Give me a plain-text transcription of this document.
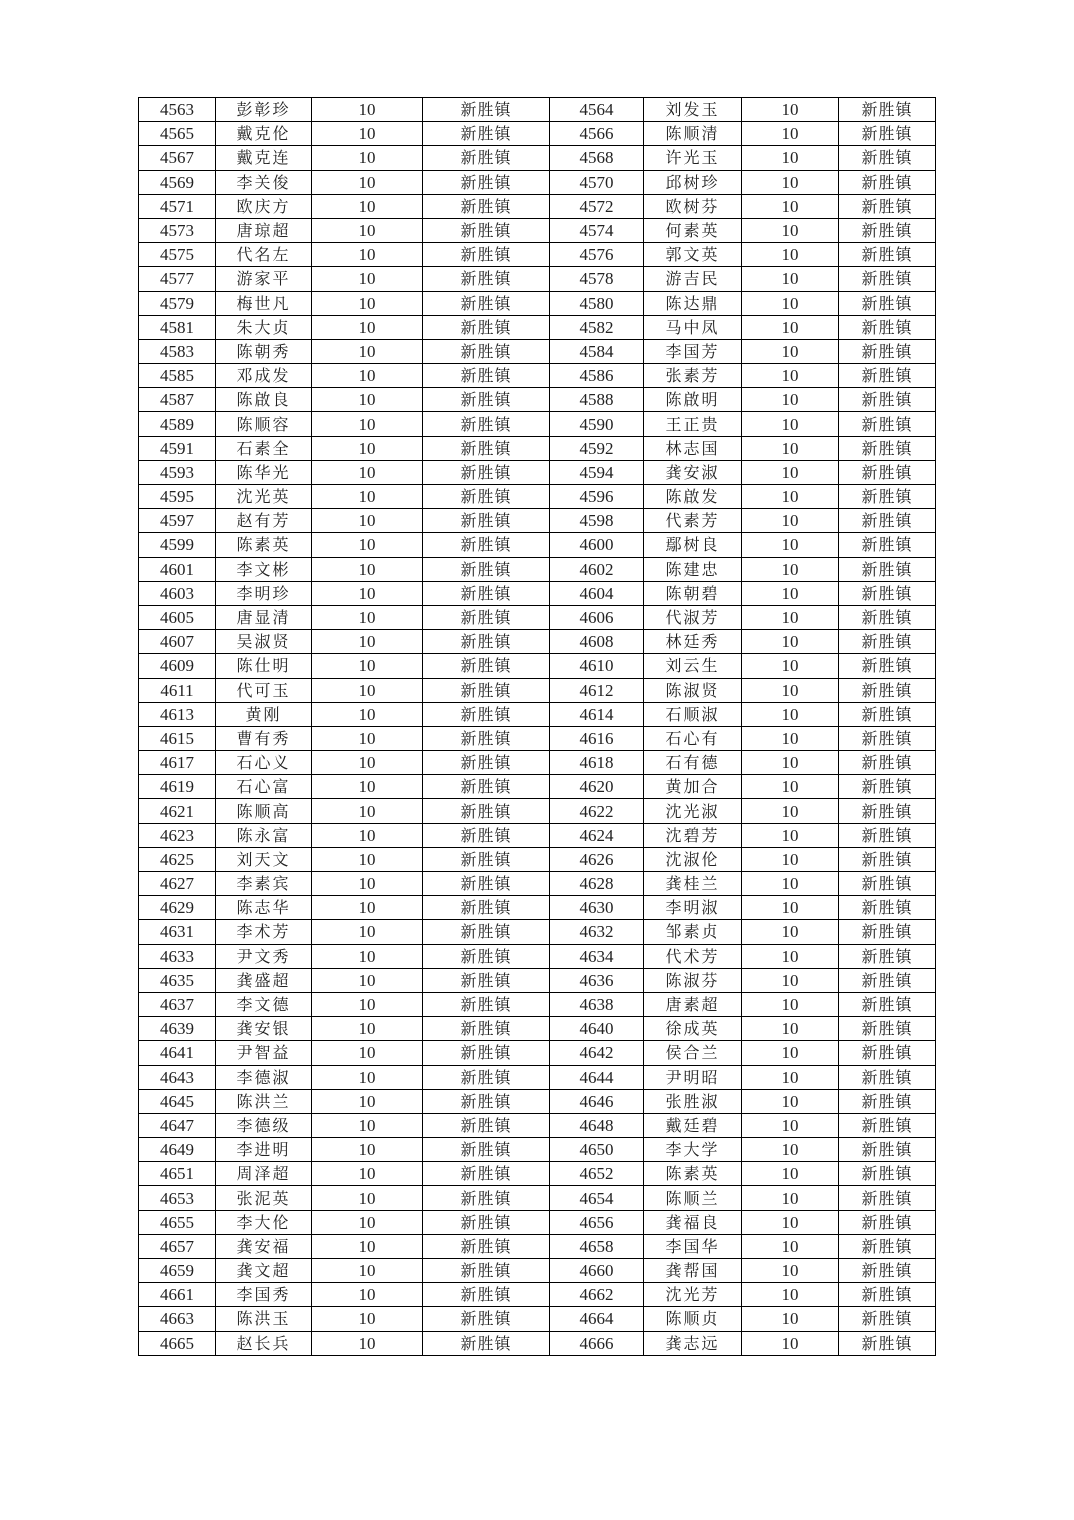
4563	彭彰珍	10	新胜镇	4564	刘发玉	10	新胜镇
4565	戴克伦	10	新胜镇	4566	陈顺清	10	新胜镇
4567	戴克连	10	新胜镇	4568	许光玉	10	新胜镇
4569	李关俊	10	新胜镇	4570	邱树珍	10	新胜镇
4571	欧庆方	10	新胜镇	4572	欧树芬	10	新胜镇
4573	唐琼超	10	新胜镇	4574	何素英	10	新胜镇
4575	代名左	10	新胜镇	4576	郭文英	10	新胜镇
4577	游家平	10	新胜镇	4578	游吉民	10	新胜镇
4579	梅世凡	10	新胜镇	4580	陈达鼎	10	新胜镇
4581	朱大贞	10	新胜镇	4582	马中凤	10	新胜镇
4583	陈朝秀	10	新胜镇	4584	李国芳	10	新胜镇
4585	邓成发	10	新胜镇	4586	张素芳	10	新胜镇
4587	陈啟良	10	新胜镇	4588	陈啟明	10	新胜镇
4589	陈顺容	10	新胜镇	4590	王正贵	10	新胜镇
4591	石素全	10	新胜镇	4592	林志国	10	新胜镇
4593	陈华光	10	新胜镇	4594	龚安淑	10	新胜镇
4595	沈光英	10	新胜镇	4596	陈啟发	10	新胜镇
4597	赵有芳	10	新胜镇	4598	代素芳	10	新胜镇
4599	陈素英	10	新胜镇	4600	鄢树良	10	新胜镇
4601	李文彬	10	新胜镇	4602	陈建忠	10	新胜镇
4603	李明珍	10	新胜镇	4604	陈朝碧	10	新胜镇
4605	唐显清	10	新胜镇	4606	代淑芳	10	新胜镇
4607	吴淑贤	10	新胜镇	4608	林廷秀	10	新胜镇
4609	陈仕明	10	新胜镇	4610	刘云生	10	新胜镇
4611	代可玉	10	新胜镇	4612	陈淑贤	10	新胜镇
4613	黄刚	10	新胜镇	4614	石顺淑	10	新胜镇
4615	曹有秀	10	新胜镇	4616	石心有	10	新胜镇
4617	石心义	10	新胜镇	4618	石有德	10	新胜镇
4619	石心富	10	新胜镇	4620	黄加合	10	新胜镇
4621	陈顺高	10	新胜镇	4622	沈光淑	10	新胜镇
4623	陈永富	10	新胜镇	4624	沈碧芳	10	新胜镇
4625	刘天文	10	新胜镇	4626	沈淑伦	10	新胜镇
4627	李素宾	10	新胜镇	4628	龚桂兰	10	新胜镇
4629	陈志华	10	新胜镇	4630	李明淑	10	新胜镇
4631	李术芳	10	新胜镇	4632	邹素贞	10	新胜镇
4633	尹文秀	10	新胜镇	4634	代术芳	10	新胜镇
4635	龚盛超	10	新胜镇	4636	陈淑芬	10	新胜镇
4637	李文德	10	新胜镇	4638	唐素超	10	新胜镇
4639	龚安银	10	新胜镇	4640	徐成英	10	新胜镇
4641	尹智益	10	新胜镇	4642	侯合兰	10	新胜镇
4643	李德淑	10	新胜镇	4644	尹明昭	10	新胜镇
4645	陈洪兰	10	新胜镇	4646	张胜淑	10	新胜镇
4647	李德级	10	新胜镇	4648	戴廷碧	10	新胜镇
4649	李进明	10	新胜镇	4650	李大学	10	新胜镇
4651	周泽超	10	新胜镇	4652	陈素英	10	新胜镇
4653	张泥英	10	新胜镇	4654	陈顺兰	10	新胜镇
4655	李大伦	10	新胜镇	4656	龚福良	10	新胜镇
4657	龚安福	10	新胜镇	4658	李国华	10	新胜镇
4659	龚文超	10	新胜镇	4660	龚帮国	10	新胜镇
4661	李国秀	10	新胜镇	4662	沈光芳	10	新胜镇
4663	陈洪玉	10	新胜镇	4664	陈顺贞	10	新胜镇
4665	赵长兵	10	新胜镇	4666	龚志远	10	新胜镇
